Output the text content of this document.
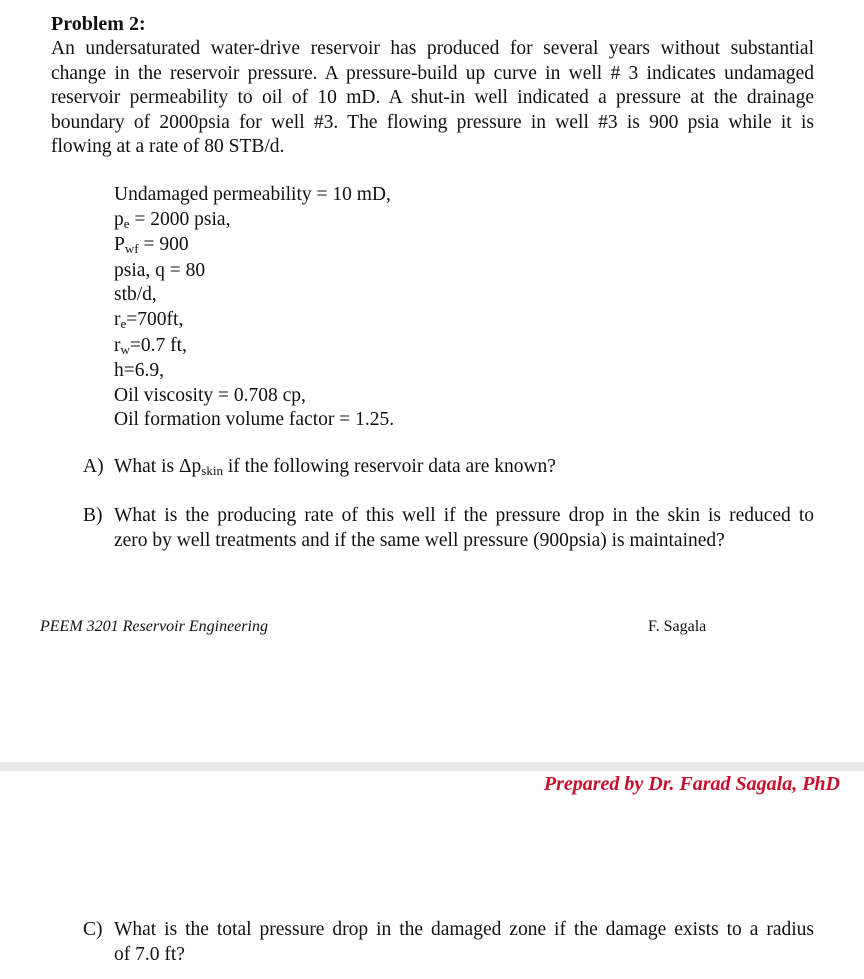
Problem 2:
An undersaturated water-drive reservoir has produced for several years without substantial
change in the reservoir pressure. A pressure-build up curve in well # 3 indicates undamaged
reservoir permeability to oil of 10 mD. A shut-in well indicated a pressure at the drainage
boundary of 2000psia for well #3. The flowing pressure in well #3 is 900 psia while it is
flowing at a rate of 80 STB/d.
Undamaged permeability = 10 mD,
pe = 2000 psia,
Pwf = 900
psia, q = 80
stb/d,
re=700ft,
rw=0.7 ft,
h=6.9,
Oil viscosity = 0.708 cp,
Oil formation volume factor = 1.25.
A) What is Δpskin if the following reservoir data are known?
B) What is the producing rate of this well if the pressure drop in the skin is reduced to
zero by well treatments and if the same well pressure (900psia) is maintained?
PEEM 3201 Reservoir Engineering	F. Sagala
Prepared by Dr. Farad Sagala, PhD
C) What is the total pressure drop in the damaged zone if the damage exists to a radius
of 7.0 ft?
